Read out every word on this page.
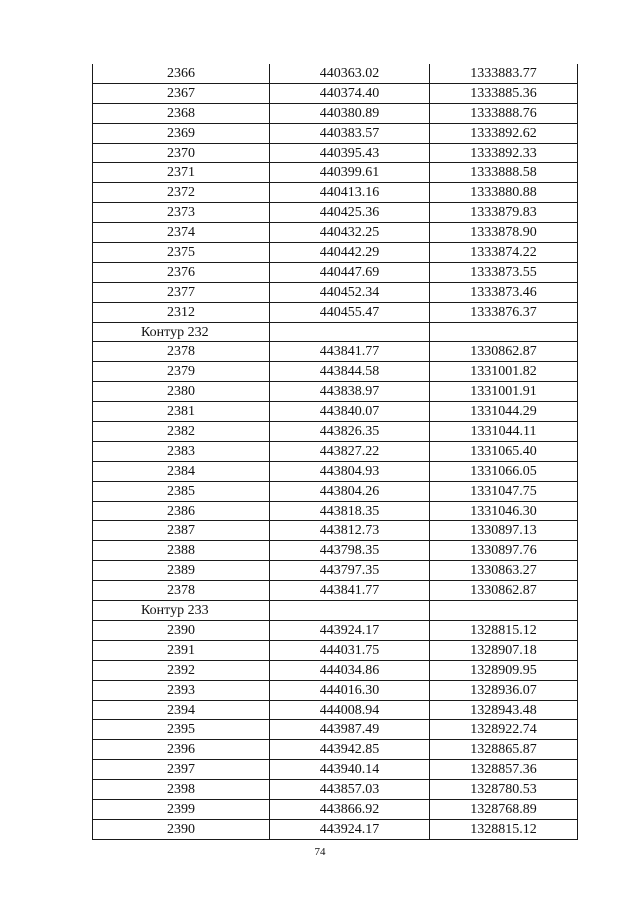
2366	440363.02	1333883.77
2367	440374.40	1333885.36
2368	440380.89	1333888.76
2369	440383.57	1333892.62
2370	440395.43	1333892.33
2371	440399.61	1333888.58
2372	440413.16	1333880.88
2373	440425.36	1333879.83
2374	440432.25	1333878.90
2375	440442.29	1333874.22
2376	440447.69	1333873.55
2377	440452.34	1333873.46
2312	440455.47	1333876.37
Контур 232
2378	443841.77	1330862.87
2379	443844.58	1331001.82
2380	443838.97	1331001.91
2381	443840.07	1331044.29
2382	443826.35	1331044.11
2383	443827.22	1331065.40
2384	443804.93	1331066.05
2385	443804.26	1331047.75
2386	443818.35	1331046.30
2387	443812.73	1330897.13
2388	443798.35	1330897.76
2389	443797.35	1330863.27
2378	443841.77	1330862.87
Контур 233
2390	443924.17	1328815.12
2391	444031.75	1328907.18
2392	444034.86	1328909.95
2393	444016.30	1328936.07
2394	444008.94	1328943.48
2395	443987.49	1328922.74
2396	443942.85	1328865.87
2397	443940.14	1328857.36
2398	443857.03	1328780.53
2399	443866.92	1328768.89
2390	443924.17	1328815.12
74
